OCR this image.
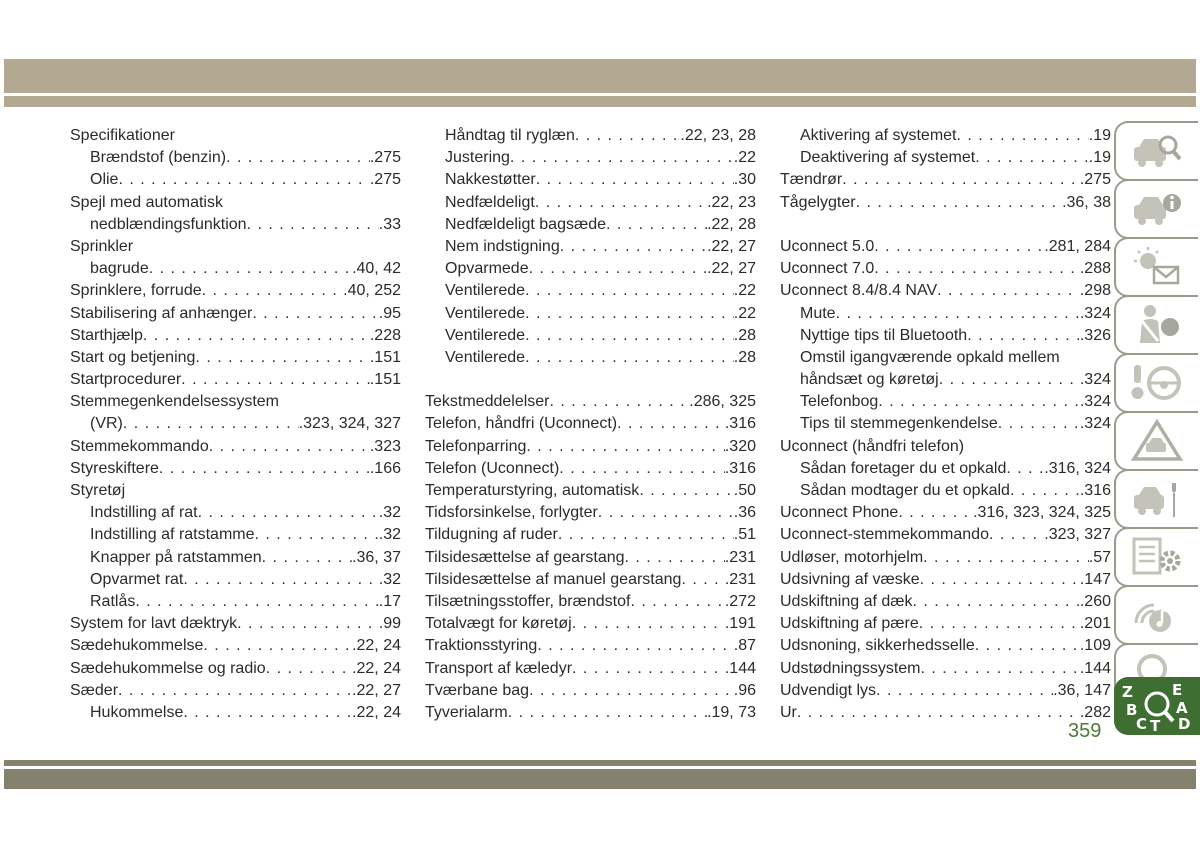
Specifikationer
Brændstof (benzin) . . .	.275
Olie . . .	.275
Spejl med automatisk
nedblændingsfunktion . . .	.33
Sprinkler
bagrude . . .	.40, 42
Sprinklere, forrude . . .	.40, 252
Stabilisering af anhænger . . .	.95
Starthjælp . . .	.228
Start og betjening . . .	.151
Startprocedurer . . .	.151
Stemmegenkendelsessystem
(VR) . . .	.323, 324, 327
Stemmekommando . . .	.323
Styreskiftere . . .	.166
Styretøj
Indstilling af rat . . .	.32
Indstilling af ratstamme . . .	.32
Knapper på ratstammen . . .	.36, 37
Opvarmet rat . . .	.32
Ratlås . . .	.17
System for lavt dæktryk . . .	.99
Sædehukommelse . . .	.22, 24
Sædehukommelse og radio . . .	.22, 24
Sæder . . .	.22, 27
Hukommelse . . .	.22, 24
Håndtag til ryglæn . . .	.22, 23, 28
Justering . . .	.22
Nakkestøtter . . .	.30
Nedfældeligt . . .	.22, 23
Nedfældeligt bagsæde . . .	.22, 28
Nem indstigning . . .	.22, 27
Opvarmede . . .	.22, 27
Ventilerede . . .	.22
Ventilerede . . .	.22
Ventilerede . . .	.28
Ventilerede . . .	.28
Tekstmeddelelser . . .	.286, 325
Telefon, håndfri (Uconnect) . . .	.316
Telefonparring . . .	.320
Telefon (Uconnect) . . .	.316
Temperaturstyring, automatisk . . .	.50
Tidsforsinkelse, forlygter . . .	.36
Tildugning af ruder . . .	.51
Tilsidesættelse af gearstang . . .	.231
Tilsidesættelse af manuel gearstang . . .	.231
Tilsætningsstoffer, brændstof . . .	.272
Totalvægt for køretøj . . .	.191
Traktionsstyring . . .	.87
Transport af kæledyr . . .	.144
Tværbane bag . . .	.96
Tyverialarm . . .	.19, 73
Aktivering af systemet . . .	.19
Deaktivering af systemet . . .	.19
Tændrør . . .	.275
Tågelygter . . .	.36, 38
Uconnect 5.0 . . .	.281, 284
Uconnect 7.0 . . .	.288
Uconnect 8.4/8.4 NAV . . .	.298
Mute . . .	.324
Nyttige tips til Bluetooth . . .	.326
Omstil igangværende opkald mellem
håndsæt og køretøj . . .	.324
Telefonbog . . .	.324
Tips til stemmegenkendelse . . .	.324
Uconnect (håndfri telefon)
Sådan foretager du et opkald . . . .316, 324
Sådan modtager du et opkald . . .	.316
Uconnect Phone . . .	.316, 323, 324, 325
Uconnect-stemmekommando . . .	.323, 327
Udløser, motorhjelm . . .	.57
Udsivning af væske . . .	.147
Udskiftning af dæk . . .	.260
Udskiftning af pære . . .	.201
Udsnoning, sikkerhedsselle . . .	.109
Udstødningssystem . . .	.144
Udvendigt lys . . .	.36, 147
Ur . . .	.282
Z	E
B	A
C D
T
359
